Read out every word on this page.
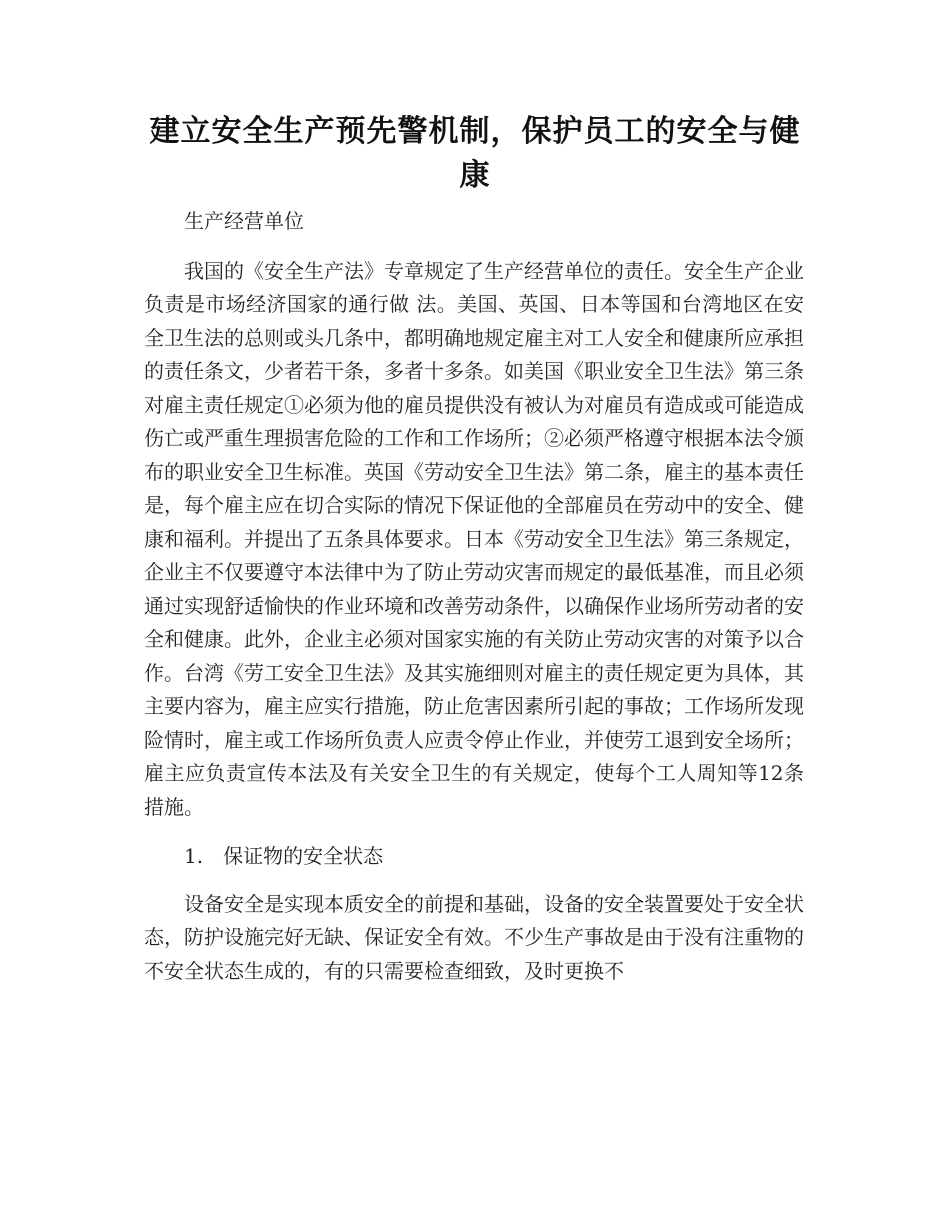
建立安全生产预先警机制，保护员工的安全与健康

生产经营单位

我国的《安全生产法》专章规定了生产经营单位的责任。安全生产企业负责是市场经济国家的通行做 法。美国、英国、日本等国和台湾地区在安全卫生法的总则或头几条中，都明确地规定雇主对工人安全和健康所应承担的责任条文，少者若干条，多者十多条。如美国《职业安全卫生法》第三条对雇主责任规定①必须为他的雇员提供没有被认为对雇员有造成或可能造成伤亡或严重生理损害危险的工作和工作场所；②必须严格遵守根据本法令颁布的职业安全卫生标准。英国《劳动安全卫生法》第二条，雇主的基本责任是，每个雇主应在切合实际的情况下保证他的全部雇员在劳动中的安全、健康和福利。并提出了五条具体要求。日本《劳动安全卫生法》第三条规定，企业主不仅要遵守本法律中为了防止劳动灾害而规定的最低基准，而且必须通过实现舒适愉快的作业环境和改善劳动条件，以确保作业场所劳动者的安全和健康。此外，企业主必须对国家实施的有关防止劳动灾害的对策予以合作。台湾《劳工安全卫生法》及其实施细则对雇主的责任规定更为具体，其主要内容为，雇主应实行措施，防止危害因素所引起的事故；工作场所发现险情时，雇主或工作场所负责人应责令停止作业，并使劳工退到安全场所；雇主应负责宣传本法及有关安全卫生的有关规定，使每个工人周知等12条措施。

1.　保证物的安全状态

设备安全是实现本质安全的前提和基础，设备的安全装置要处于安全状态，防护设施完好无缺、保证安全有效。不少生产事故是由于没有注重物的不安全状态生成的，有的只需要检查细致，及时更换不
